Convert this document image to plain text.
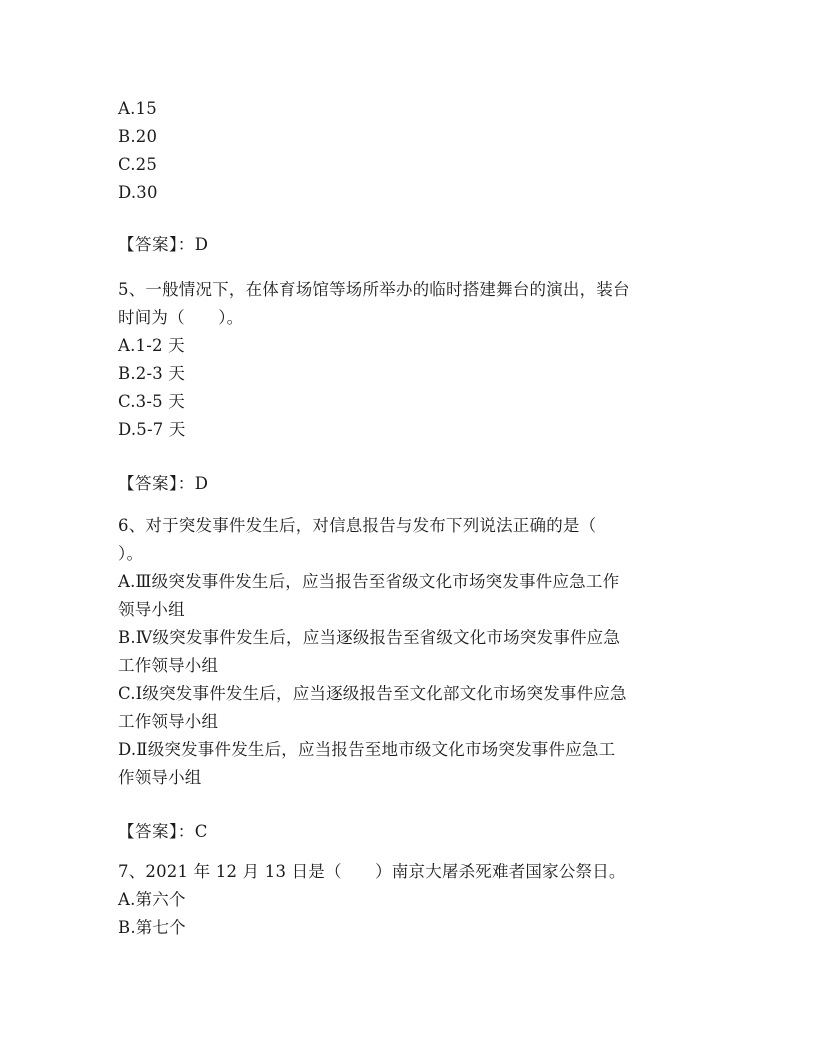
A.15
B.20
C.25
D.30
【答案】：D
5、一般情况下，在体育场馆等场所举办的临时搭建舞台的演出，装台
时间为（　　）。
A.1-2 天
B.2-3 天
C.3-5 天
D.5-7 天
【答案】：D
6、对于突发事件发生后，对信息报告与发布下列说法正确的是（
）。
A.Ⅲ级突发事件发生后，应当报告至省级文化市场突发事件应急工作
领导小组
B.Ⅳ级突发事件发生后，应当逐级报告至省级文化市场突发事件应急
工作领导小组
C.Ⅰ级突发事件发生后，应当逐级报告至文化部文化市场突发事件应急
工作领导小组
D.Ⅱ级突发事件发生后，应当报告至地市级文化市场突发事件应急工
作领导小组
【答案】：C
7、2021 年 12 月 13 日是（　　）南京大屠杀死难者国家公祭日。
A.第六个
B.第七个
